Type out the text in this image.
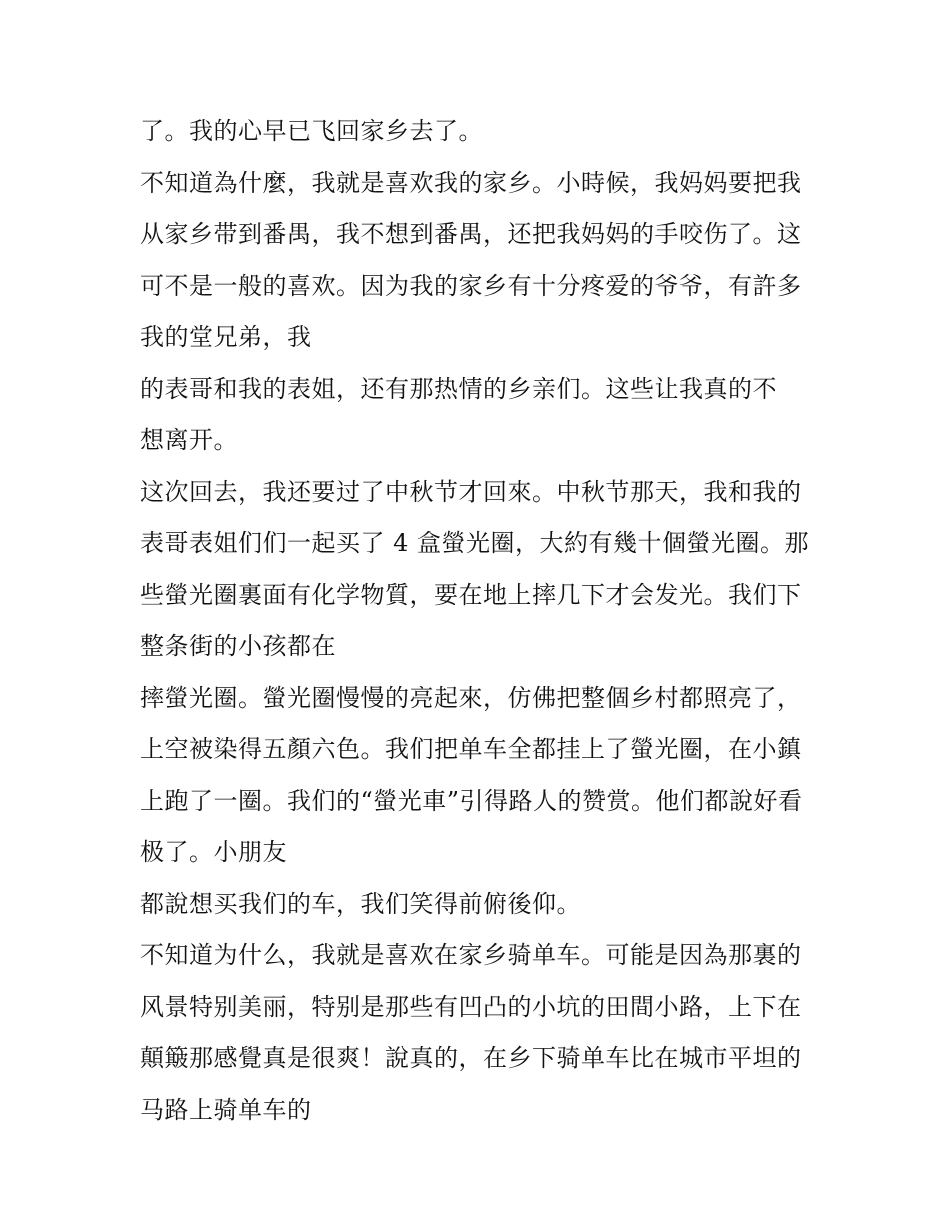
了。我的心早已飞回家乡去了。
不知道為什麼，我就是喜欢我的家乡。小時候，我妈妈要把我
从家乡带到番禺，我不想到番禺，还把我妈妈的手咬伤了。这
可不是一般的喜欢。因为我的家乡有十分疼爱的爷爷，有許多
我的堂兄弟，我
的表哥和我的表姐，还有那热情的乡亲们。这些让我真的不
想离开。
这次回去，我还要过了中秋节才回來。中秋节那天，我和我的
表哥表姐们们一起买了 4 盒螢光圈，大約有幾十個螢光圈。那
些螢光圈裏面有化学物質，要在地上摔几下才会发光。我们下
整条街的小孩都在
摔螢光圈。螢光圈慢慢的亮起來，仿佛把整個乡村都照亮了，
上空被染得五顏六色。我们把单车全都挂上了螢光圈，在小鎮
上跑了一圈。我们的“螢光車”引得路人的赞赏。他们都說好看
极了。小朋友
都說想买我们的车，我们笑得前俯後仰。
不知道为什么，我就是喜欢在家乡骑单车。可能是因為那裏的
风景特别美丽，特别是那些有凹凸的小坑的田間小路，上下在
顛簸那感覺真是很爽！說真的，在乡下骑单车比在城市平坦的
马路上骑单车的
